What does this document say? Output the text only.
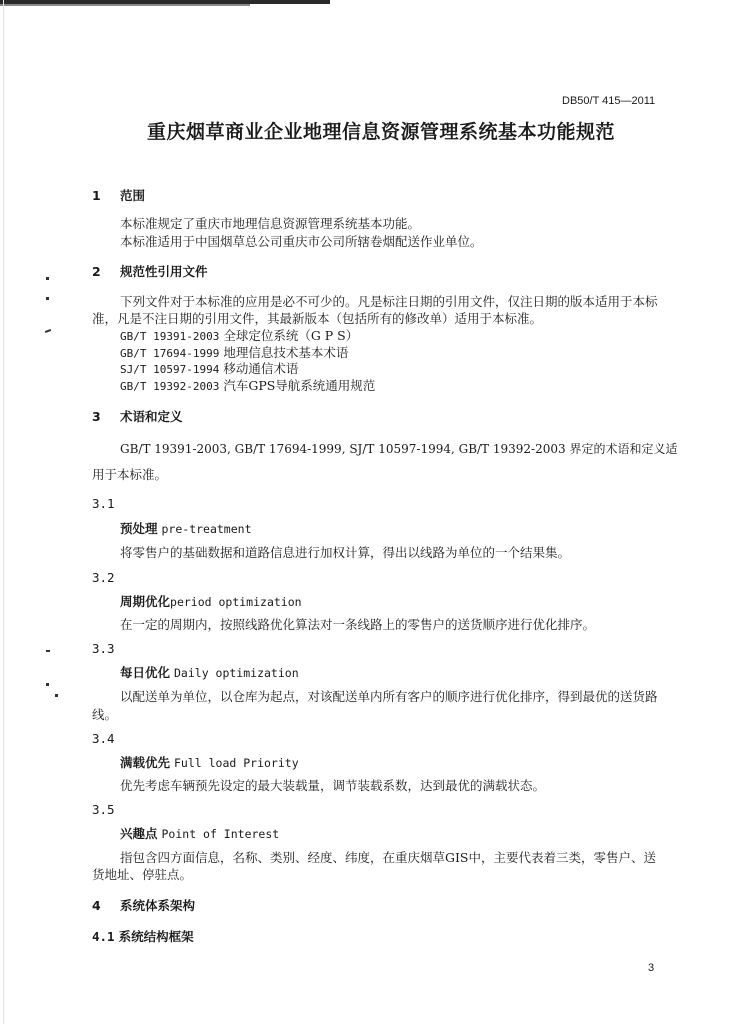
DB50/T 415—2011
重庆烟草商业企业地理信息资源管理系统基本功能规范
1 范围
本标准规定了重庆市地理信息资源管理系统基本功能。
本标准适用于中国烟草总公司重庆市公司所辖卷烟配送作业单位。
2 规范性引用文件
下列文件对于本标准的应用是必不可少的。凡是标注日期的引用文件，仅注日期的版本适用于本标
准，凡是不注日期的引用文件，其最新版本（包括所有的修改单）适用于本标准。
GB/T 19391-2003 全球定位系统（G P S）
GB/T 17694-1999 地理信息技术基本术语
SJ/T 10597-1994 移动通信术语
GB/T 19392-2003 汽车GPS导航系统通用规范
3 术语和定义
GB/T 19391-2003, GB/T 17694-1999, SJ/T 10597-1994, GB/T 19392-2003 界定的术语和定义适
用于本标准。
3.1
预处理 pre-treatment
将零售户的基础数据和道路信息进行加权计算，得出以线路为单位的一个结果集。
3.2
周期优化period optimization
在一定的周期内，按照线路优化算法对一条线路上的零售户的送货顺序进行优化排序。
3.3
每日优化 Daily optimization
以配送单为单位，以仓库为起点，对该配送单内所有客户的顺序进行优化排序，得到最优的送货路
线。
3.4
满载优先 Full load Priority
优先考虑车辆预先设定的最大装载量，调节装载系数，达到最优的满载状态。
3.5
兴趣点 Point of Interest
指包含四方面信息，名称、类别、经度、纬度，在重庆烟草GIS中，主要代表着三类，零售户、送
货地址、停驻点。
4 系统体系架构
4.1 系统结构框架
3
